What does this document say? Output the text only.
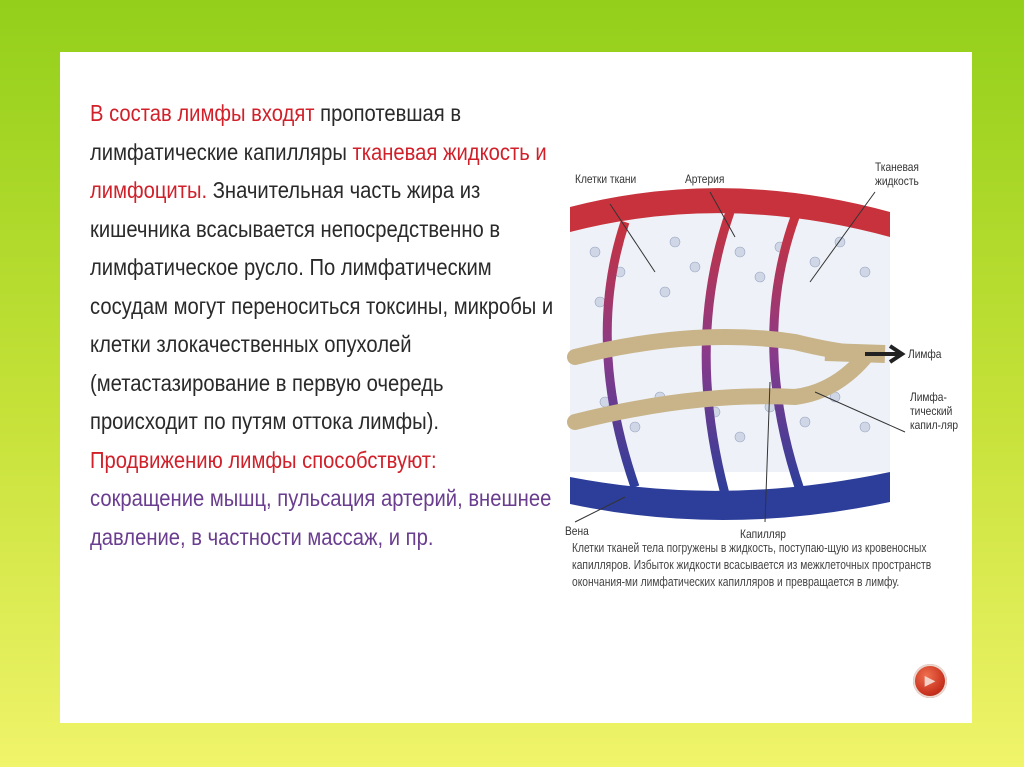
В состав лимфы входят пропотевшая в лимфатические капилляры тканевая жидкость и лимфоциты. Значительная часть жира из кишечника всасывается непосредственно в лимфатическое русло. По лимфатическим сосудам могут переноситься токсины, микробы и клетки злокачественных опухолей (метастазирование в первую очередь происходит по путям оттока лимфы).

Продвижению лимфы способствуют: сокращение мышц, пульсация артерий, внешнее давление, в частности массаж, и пр.

Клетки ткани	Артерия
Тканевая жидкость
Лимфа
Лимфа-тический капил-ляр
Вена	Капилляр
Клетки тканей тела погружены в жидкость, поступаю-щую из кровеносных капилляров. Избыток жидкости всасывается из межклеточных пространств окончания-ми лимфатических капилляров и превращается в лимфу.
▶
